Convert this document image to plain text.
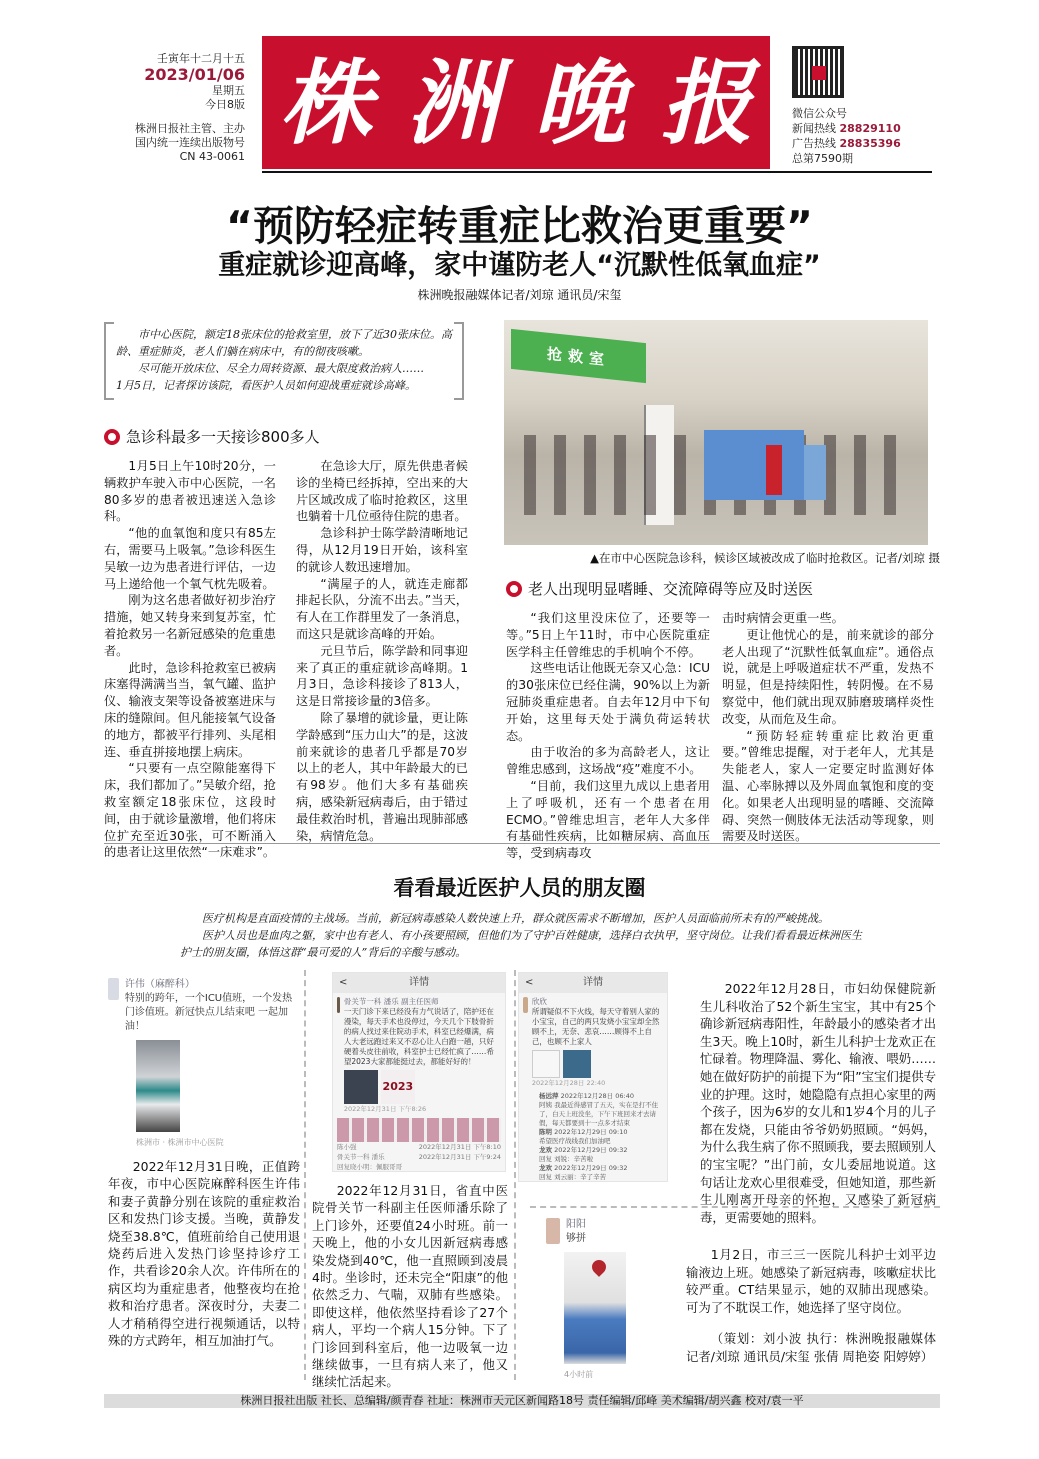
壬寅年十二月十五
2023/01/06
星期五
今日8版
株洲日报社主管、主办
国内统一连续出版物号
CN 43-0061 株 洲 晚 报	微信公众号
新闻热线 28829110
广告热线 28835396
总第7590期
“预防轻症转重症比救治更重要”
重症就诊迎高峰，家中谨防老人“沉默性低氧血症”
株洲晚报融媒体记者/刘琼 通讯员/宋玺

市中心医院，额定18张床位的抢救室里，放下了近30张床位。高龄、重症肺炎，老人们躺在病床中，有的彻夜咳嗽。

尽可能开放床位、尽全力周转资源、最大限度救治病人……

1月5日，记者探访该院，看医护人员如何迎战重症就诊高峰。

急诊科最多一天接诊800多人

1月5日上午10时20分，一辆救护车驶入市中心医院，一名80多岁的患者被迅速送入急诊科。

“他的血氧饱和度只有85左右，需要马上吸氧。”急诊科医生吴敏一边为患者进行评估，一边马上递给他一个氧气枕先吸着。

刚为这名患者做好初步治疗措施，她又转身来到复苏室，忙着抢救另一名新冠感染的危重患者。

此时，急诊科抢救室已被病床塞得满满当当，氧气罐、监护仪、输液支架等设备被塞进床与床的缝隙间。但凡能接氧气设备的地方，都被平行排列、头尾相连、垂直拼接地摆上病床。

“只要有一点空隙能塞得下床，我们都加了。”吴敏介绍，抢救室额定18张床位，这段时间，由于就诊量激增，他们将床位扩充至近30张，可不断涌入的患者让这里依然“一床难求”。

在急诊大厅，原先供患者候诊的坐椅已经拆掉，空出来的大片区域改成了临时抢救区，这里也躺着十几位亟待住院的患者。

急诊科护士陈学龄清晰地记得，从12月19日开始，该科室的就诊人数迅速增加。

“满屋子的人，就连走廊都排起长队，分流不出去。”当天，有人在工作群里发了一条消息，而这只是就诊高峰的开始。

元旦节后，陈学龄和同事迎来了真正的重症就诊高峰期。1月3日，急诊科接诊了813人，这是日常接诊量的3倍多。

除了暴增的就诊量，更让陈学龄感到“压力山大”的是，这波前来就诊的患者几乎都是70岁以上的老人，其中年龄最大的已有98岁。他们大多有基础疾病，感染新冠病毒后，由于错过最佳救治时机，普遍出现肺部感染，病情危急。

抢救室
▲在市中心医院急诊科，候诊区域被改成了临时抢救区。记者/刘琼 摄
老人出现明显嗜睡、交流障碍等应及时送医

“我们这里没床位了，还要等一等。”5日上午11时，市中心医院重症医学科主任曾维忠的手机响个不停。

这些电话让他既无奈又心急：ICU的30张床位已经住满，90%以上为新冠肺炎重症患者。自去年12月中下旬开始，这里每天处于满负荷运转状态。

由于收治的多为高龄老人，这让曾维忠感到，这场战“疫”难度不小。

“目前，我们这里九成以上患者用上了呼吸机，还有一个患者在用ECMO。”曾维忠坦言，老年人大多伴有基础性疾病，比如糖尿病、高血压等，受到病毒攻

击时病情会更重一些。

更让他忧心的是，前来就诊的部分老人出现了“沉默性低氧血症”。通俗点说，就是上呼吸道症状不严重，发热不明显，但是持续阳性，转阴慢。在不易察觉中，他们就出现双肺磨玻璃样炎性改变，从而危及生命。

“预防轻症转重症比救治更重要。”曾维忠提醒，对于老年人，尤其是失能老人，家人一定要定时监测好体温、心率脉搏以及外周血氧饱和度的变化。如果老人出现明显的嗜睡、交流障碍、突然一侧肢体无法活动等现象，则需要及时送医。

看看最近医护人员的朋友圈

医疗机构是直面疫情的主战场。当前，新冠病毒感染人数快速上升，群众就医需求不断增加，医护人员面临前所未有的严峻挑战。

医护人员也是血肉之躯，家中也有老人、有小孩要照顾，但他们为了守护百姓健康，选择白衣执甲，坚守岗位。让我们看看最近株洲医生护士的朋友圈，体悟这群“最可爱的人”背后的辛酸与感动。

许伟（麻醉科）
特别的跨年，一个ICU值班，一个发热门诊值班。新冠快点儿结束吧 一起加油！
株洲市 · 株洲市中心医院

2022年12月31日晚，正值跨年夜，市中心医院麻醉科医生许伟和妻子黄静分别在该院的重症救治区和发热门诊支援。当晚，黄静发烧至38.8℃，值班前给自己使用退烧药后进入发热门诊坚持诊疗工作，共看诊20余人次。许伟所在的病区均为重症患者，他整夜均在抢救和治疗患者。深夜时分，夫妻二人才稍稍得空进行视频通话，以特殊的方式跨年，相互加油打气。

<	详情
骨关节一科 潘乐 副主任医师
一天门诊下来已经没有力气说话了，陪护还在漫染，每天手术也没停过，今天几个下肢骨折的病人找过来住院动手术，科室已经爆满，病人大老远跑过来又不忍心让人白跑一趟，只好硬着头皮往前收，科室护士已经忙疯了……希望2023大家都能挺过去，都能好好的！
2023
2022年12月31日 下午8:26
陈小强	2022年12月31日 下午8:10
骨关节一科 潘乐	2022年12月31日 下午9:24
回复晓小明：佩服哥哥

2022年12月31日，省直中医院骨关节一科副主任医师潘乐除了上门诊外，还要值24小时班。前一天晚上，他的小女儿因新冠病毒感染发烧到40℃，他一直照顾到凌晨4时。坐诊时，还未完全“阳康”的他依然乏力、气喘，双肺有些感染。即使这样，他依然坚持看诊了27个病人，平均一个病人15分钟。下了门诊回到科室后，他一边吸氧一边继续做事，一旦有病人来了，他又继续忙活起来。

<	详情
欣欣
所谓疑似不下火线，每天守着别人家的小宝宝，自己的两只发烧小宝宝却全然顾不上，无奈、悲哀……顾得不上自己，也顾不上家人
2022年12月28日 22:40
杨远萍 2022年12月28日 06:40
阿姨 我最近得感冒了五天，实在是打不住了，白天上班没坐，下午下班回来才去请假，每天都要到十一点多才结束
陈明 2022年12月29日 09:10
希望医疗战线我们加油吧
龙欢 2022年12月29日 09:32
回复 刘锐：辛苦啦
龙欢 2022年12月29日 09:32
回复 刘云丽：辛了辛苦

2022年12月28日，市妇幼保健院新生儿科收治了52个新生宝宝，其中有25个确诊新冠病毒阳性，年龄最小的感染者才出生3天。晚上10时，新生儿科护士龙欢正在忙碌着。物理降温、雾化、输液、喂奶……她在做好防护的前提下为“阳”宝宝们提供专业的护理。这时，她隐隐有点担心家里的两个孩子，因为6岁的女儿和1岁4个月的儿子都在发烧，只能由爷爷奶奶照顾。“妈妈，为什么我生病了你不照顾我，要去照顾别人的宝宝呢？”出门前，女儿委屈地说道。这句话让龙欢心里很难受，但她知道，那些新生儿刚离开母亲的怀抱，又感染了新冠病毒，更需要她的照料。

阳阳
够拼
4小时前

1月2日，市三三一医院儿科护士刘平边输液边上班。她感染了新冠病毒，咳嗽症状比较严重。CT结果显示，她的双肺出现感染。可为了不耽误工作，她选择了坚守岗位。

（策划：刘小波 执行：株洲晚报融媒体记者/刘琼 通讯员/宋玺 张倩 周艳姿 阳婷婷）

株洲日报社出版 社长、总编辑/颜青春 社址：株洲市天元区新闻路18号 责任编辑/邱峰 美术编辑/胡兴鑫 校对/袁一平
